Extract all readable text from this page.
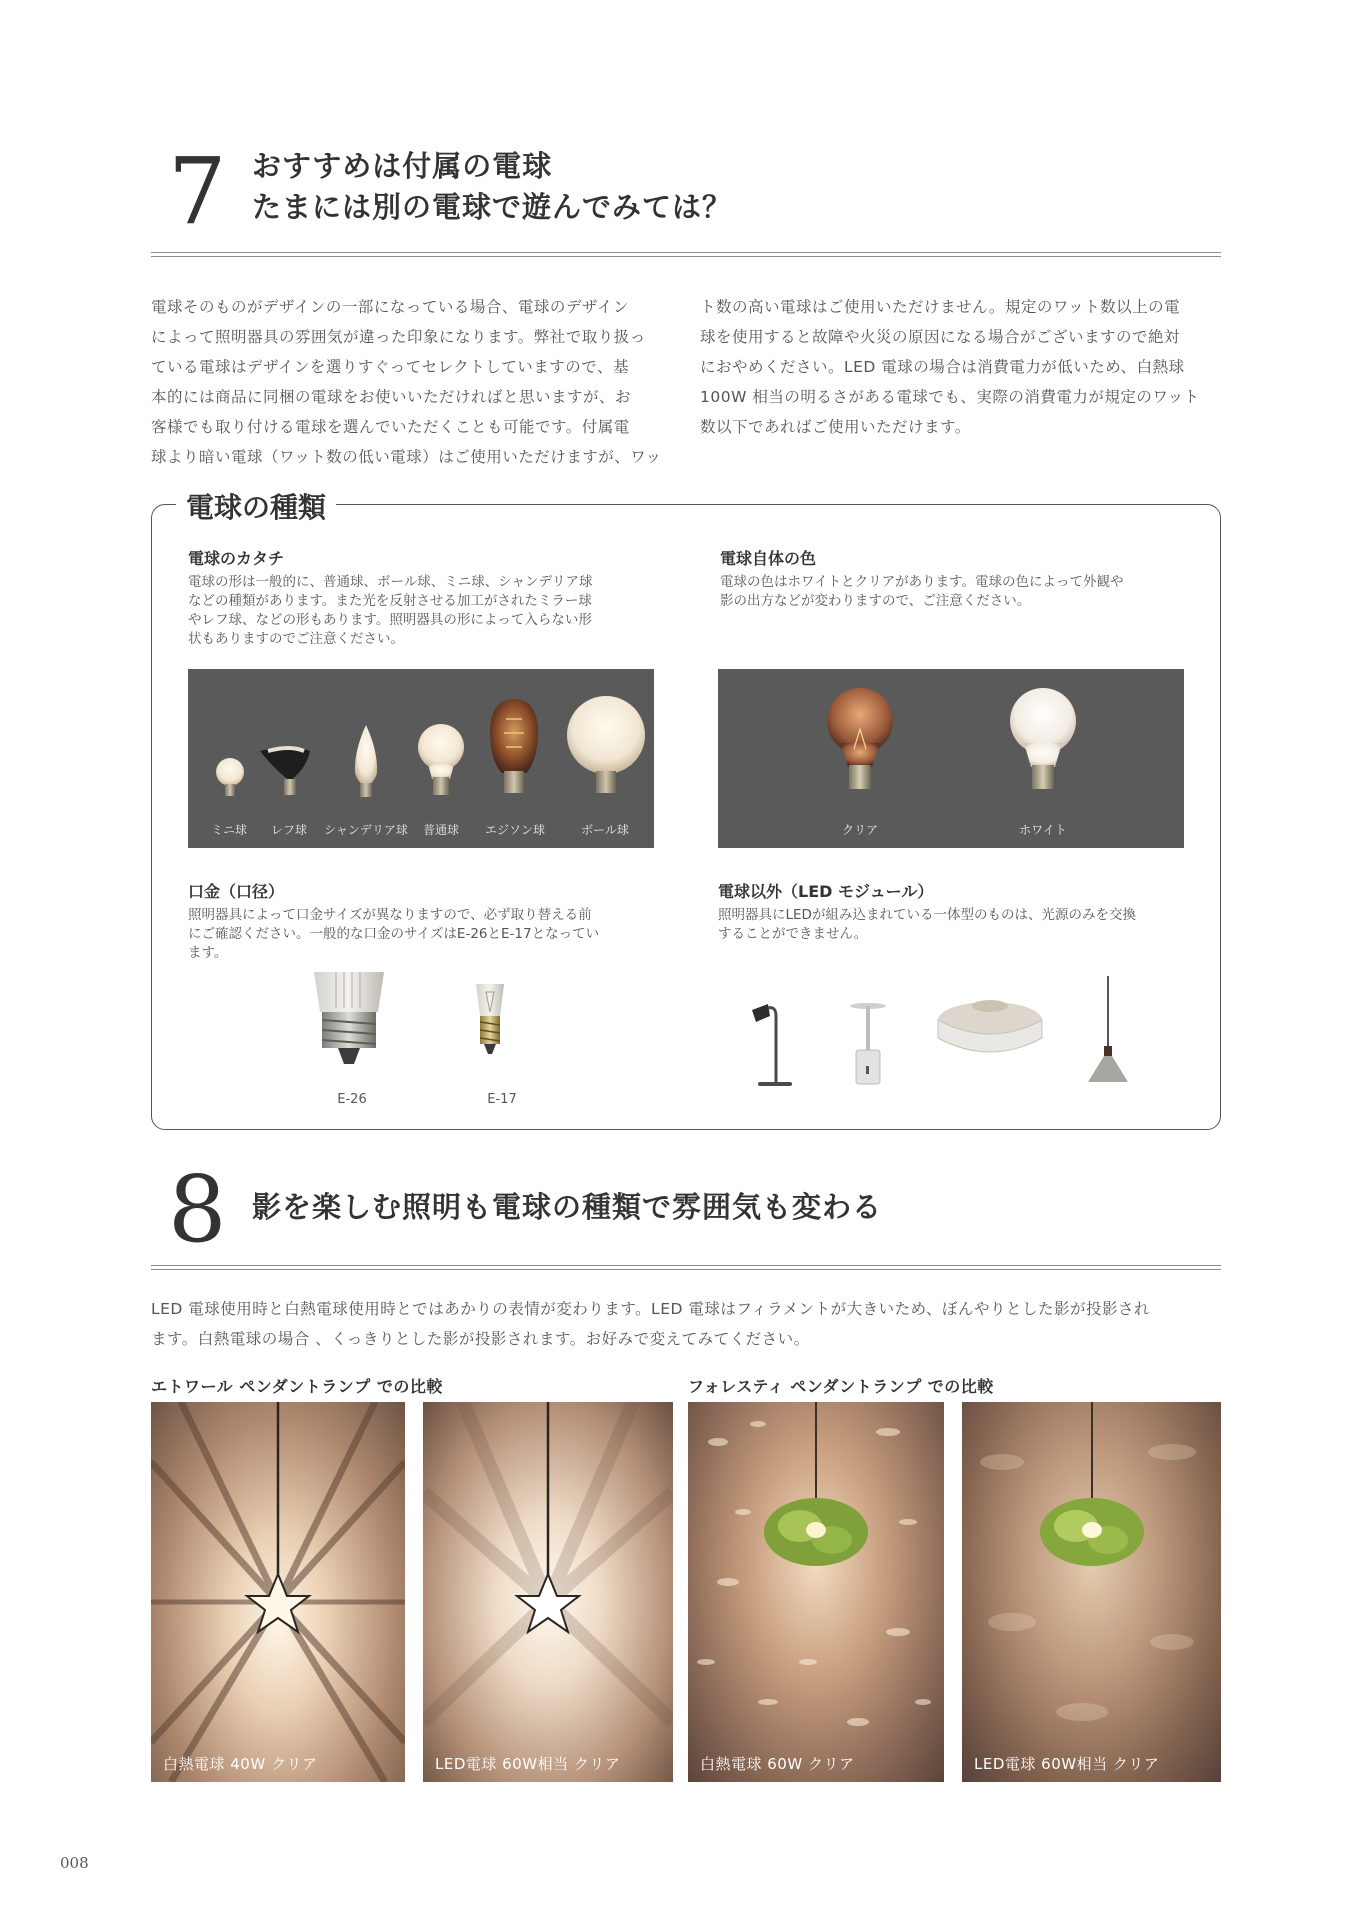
7 おすすめは付属の電球
たまには別の電球で遊んでみては？
電球そのものがデザインの一部になっている場合、電球のデザイン
によって照明器具の雰囲気が違った印象になります。弊社で取り扱っ
ている電球はデザインを選りすぐってセレクトしていますので、基
本的には商品に同梱の電球をお使いいただければと思いますが、お
客様でも取り付ける電球を選んでいただくことも可能です。付属電
球より暗い電球（ワット数の低い電球）はご使用いただけますが、ワッ
ト数の高い電球はご使用いただけません。規定のワット数以上の電
球を使用すると故障や火災の原因になる場合がございますので絶対
におやめください。LED 電球の場合は消費電力が低いため、白熱球
100W 相当の明るさがある電球でも、実際の消費電力が規定のワット
数以下であればご使用いただけます。
電球の種類
電球のカタチ
電球の形は一般的に、普通球、ボール球、ミニ球、シャンデリア球
などの種類があります。また光を反射させる加工がされたミラー球
やレフ球、などの形もあります。照明器具の形によって入らない形
状もありますのでご注意ください。
ミニ球	レフ球	シャンデリア球	普通球	エジソン球	ボール球
電球自体の色
電球の色はホワイトとクリアがあります。電球の色によって外観や
影の出方などが変わりますので、ご注意ください。
クリア	ホワイト
口金（口径）
照明器具によって口金サイズが異なりますので、必ず取り替える前
にご確認ください。一般的な口金のサイズはE-26とE-17となってい
ます。
E-26	E-17
電球以外（LED モジュール）
照明器具にLEDが組み込まれている一体型のものは、光源のみを交換
することができません。
8 影を楽しむ照明も電球の種類で雰囲気も変わる
LED 電球使用時と白熱電球使用時とではあかりの表情が変わります。LED 電球はフィラメントが大きいため、ぼんやりとした影が投影され
ます。白熱電球の場合 、くっきりとした影が投影されます。お好みで変えてみてください。
エトワール ペンダントランプ での比較	フォレスティ ペンダントランプ での比較
白熱電球 40W クリア	LED電球 60W相当 クリア	白熱電球 60W クリア	LED電球 60W相当 クリア
008
